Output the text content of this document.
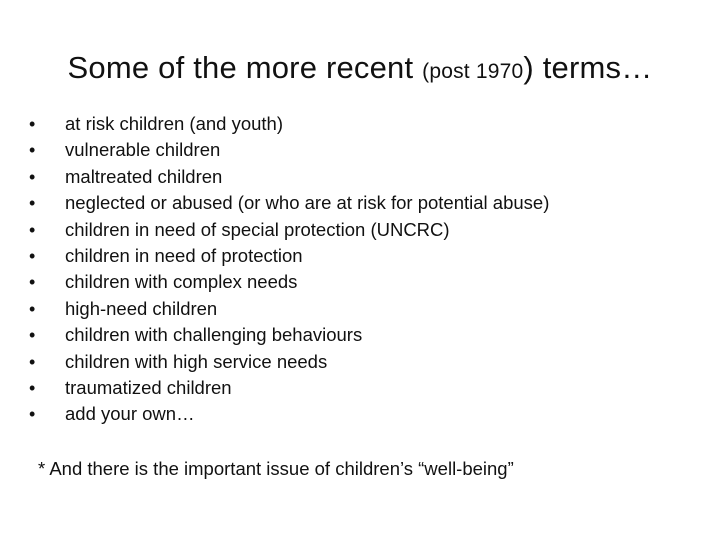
Some of the more recent (post 1970) terms…
•	at risk children (and youth)
•	vulnerable children
•	maltreated children
•	neglected or abused (or who are at risk for potential abuse)
•	children in need of special protection (UNCRC)
•	children in need of protection
•	children with complex needs
•	high-need children
•	children with challenging behaviours
•	children with high service needs
•	traumatized children
•	add your own…
* And there is the important issue of children’s “well-being”
